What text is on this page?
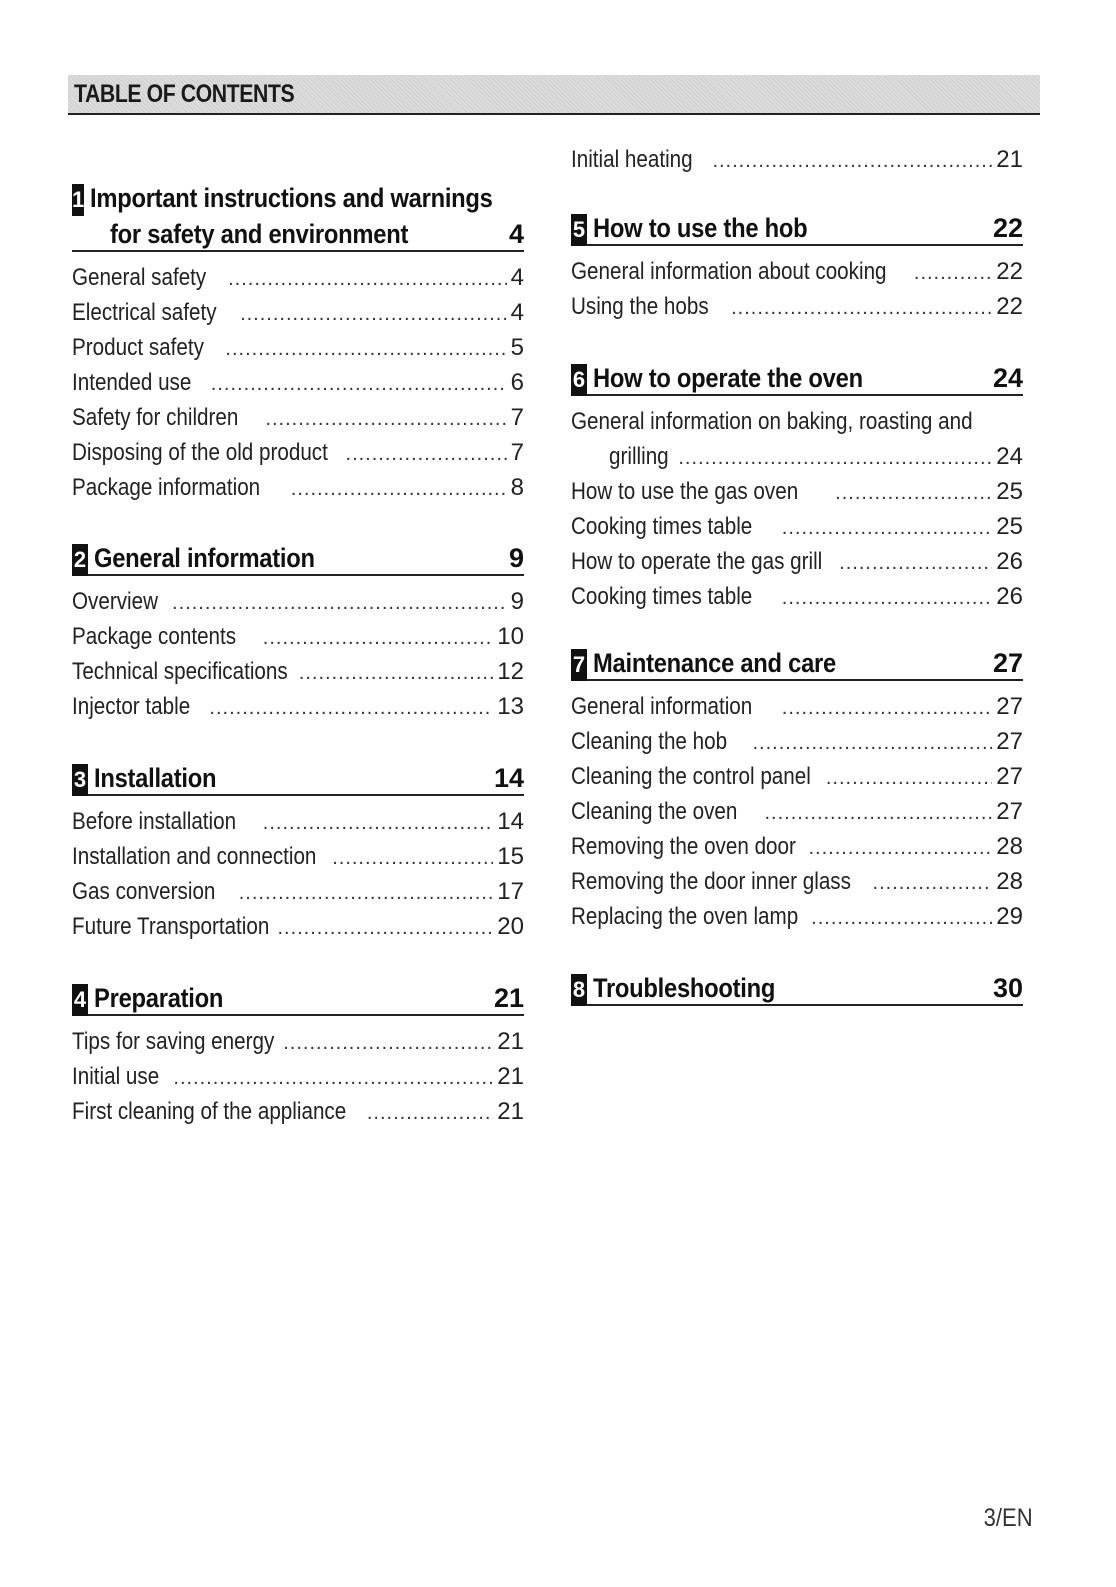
TABLE OF CONTENTS
1 Important instructions and warnings
for safety and environment	4
General safety .....	4
Electrical safety .....	4
Product safety .....	5
Intended use .....	6
Safety for children .....	7
Disposing of the old product .....	7
Package information .....	8
2 General information	9
Overview .....	9
Package contents .....	10
Technical specifications .....	12
Injector table .....	13
3 Installation	14
Before installation .....	14
Installation and connection .....	15
Gas conversion .....	17
Future Transportation .....	20
4 Preparation	21
Tips for saving energy .....	21
Initial use .....	21
First cleaning of the appliance .....	21
Initial heating .....	21
5 How to use the hob	22
General information about cooking .....	22
Using the hobs .....	22
6 How to operate the oven	24
General information on baking, roasting and
grilling .....	24
How to use the gas oven .....	25
Cooking times table .....	25
How to operate the gas grill .....	26
Cooking times table .....	26
7 Maintenance and care	27
General information .....	27
Cleaning the hob .....	27
Cleaning the control panel .....	27
Cleaning the oven .....	27
Removing the oven door .....	28
Removing the door inner glass .....	28
Replacing the oven lamp .....	29
8 Troubleshooting	30
3/EN
